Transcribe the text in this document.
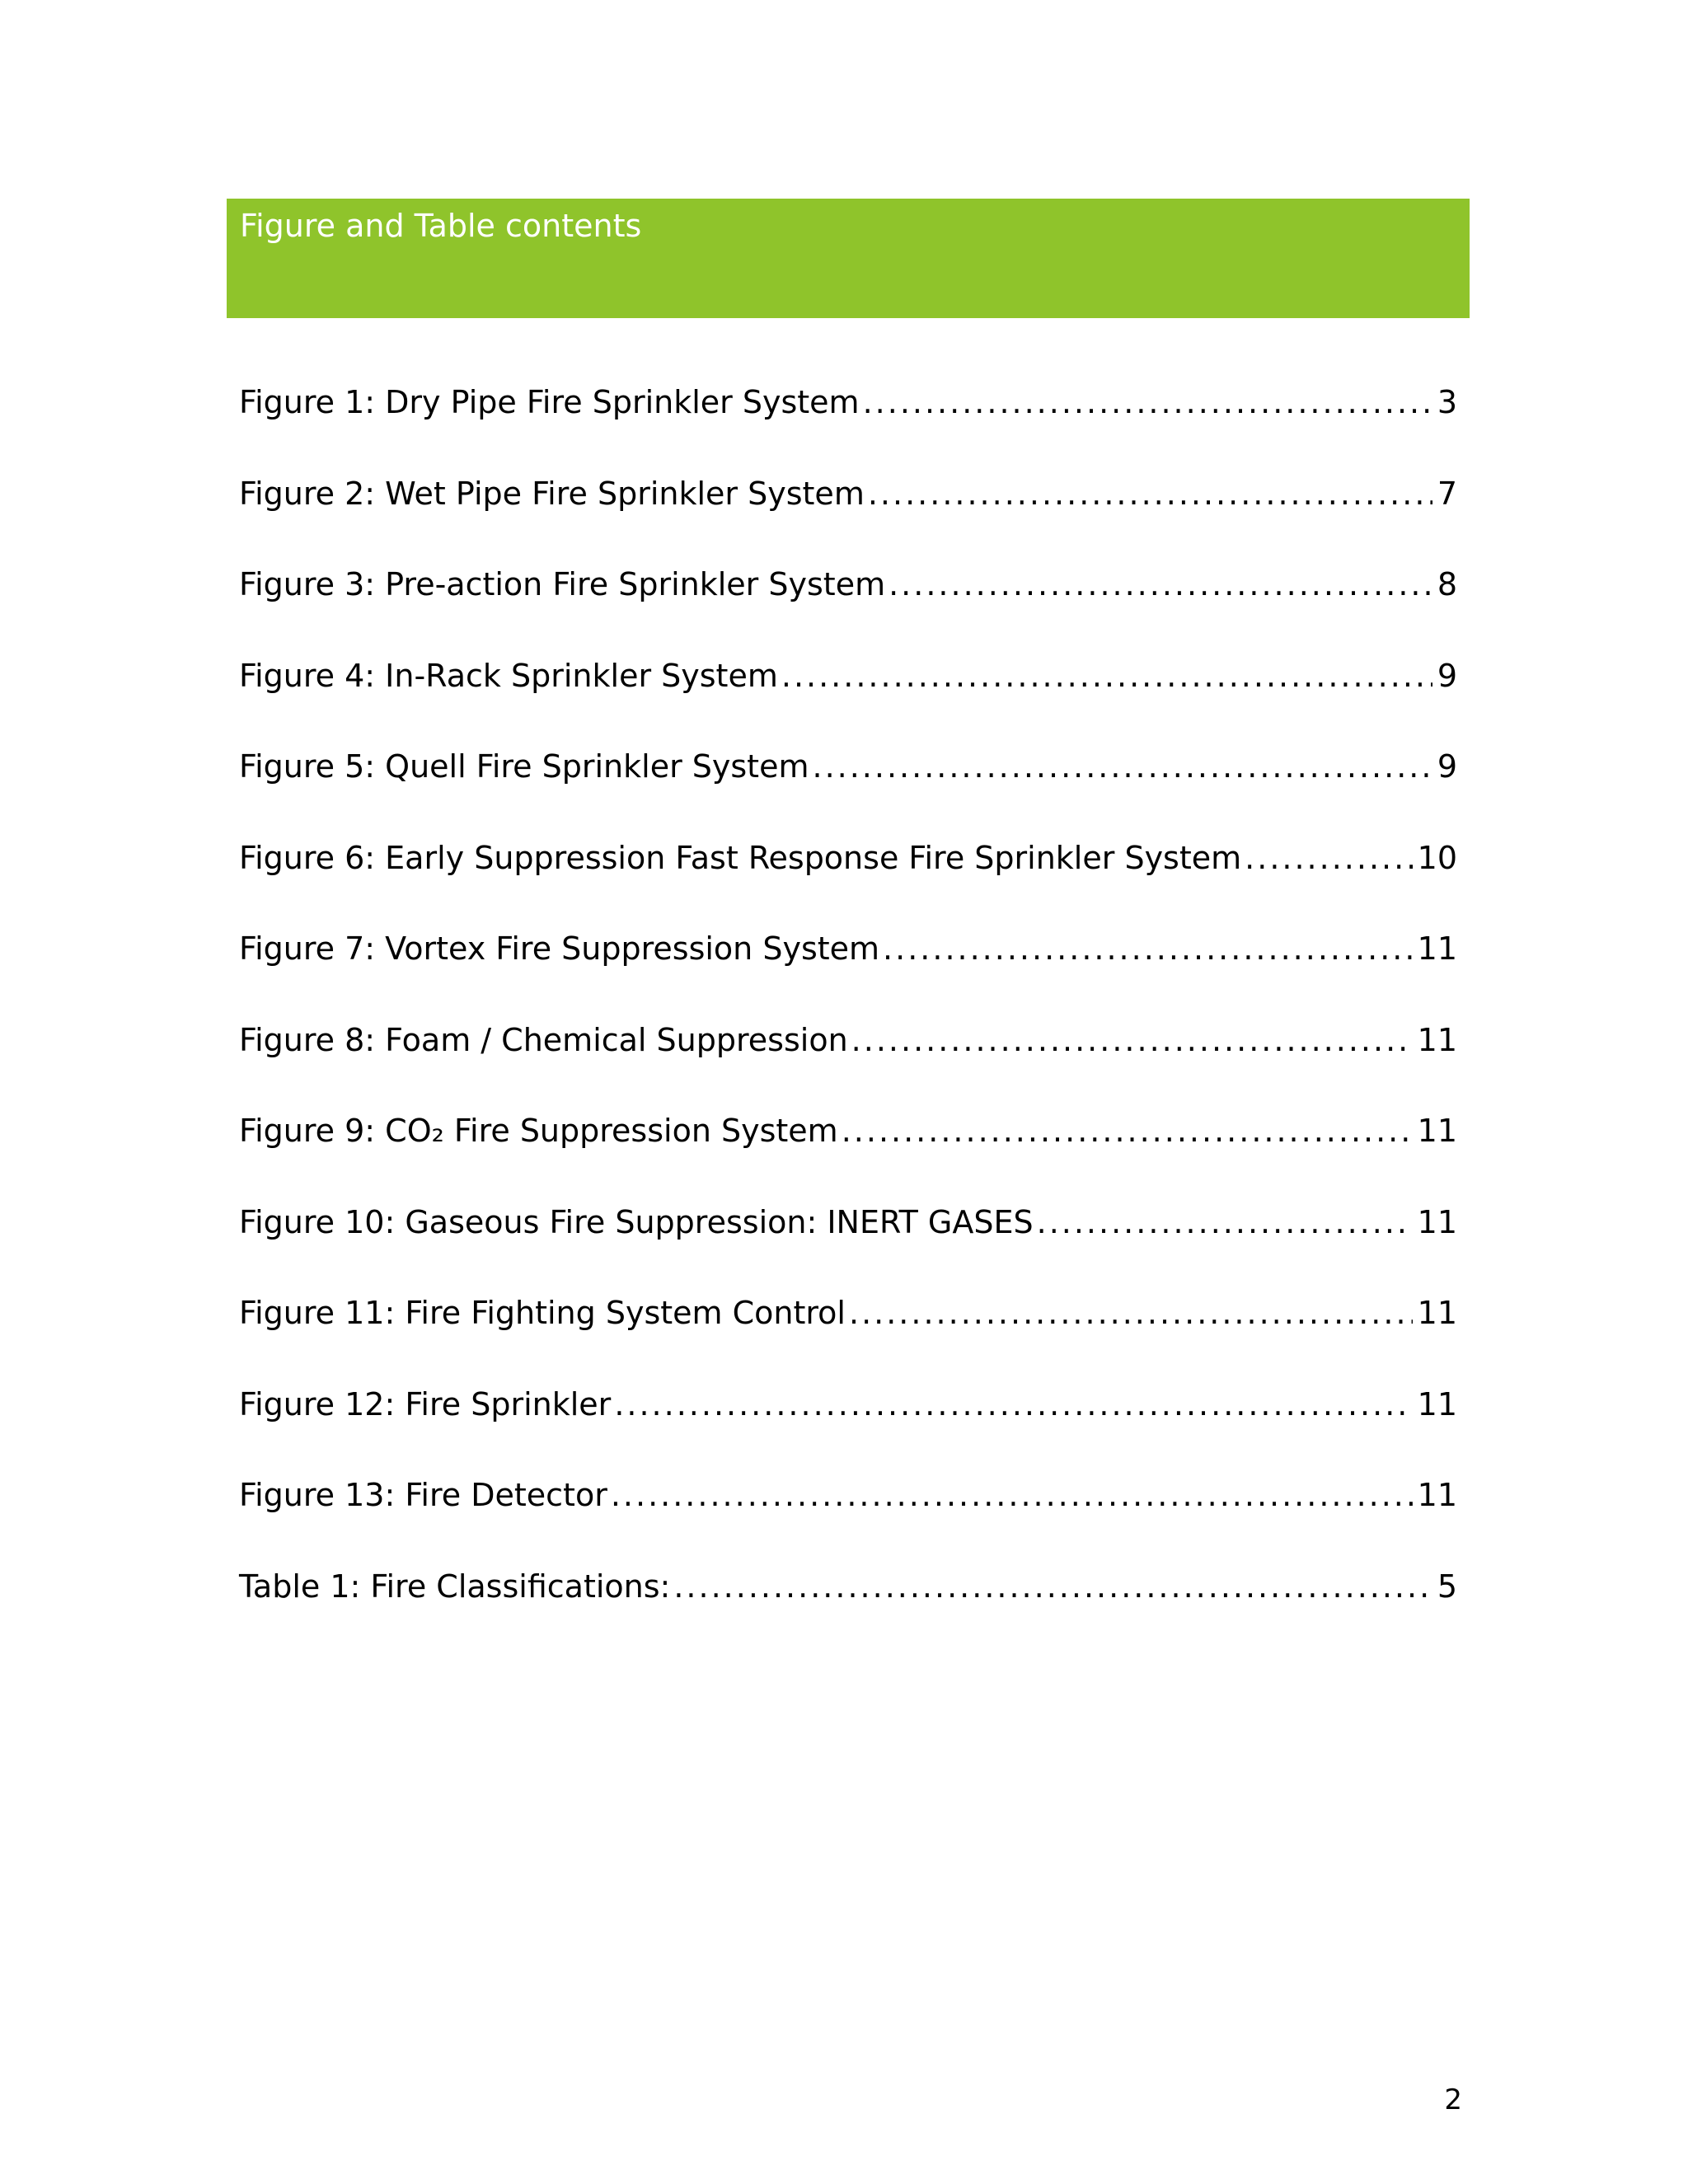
Figure and Table contents
Figure 1: Dry Pipe Fire Sprinkler System .....	3
Figure 2: Wet Pipe Fire Sprinkler System .....	7
Figure 3: Pre-action Fire Sprinkler System .....	8
Figure 4: In-Rack Sprinkler System .....	9
Figure 5: Quell Fire Sprinkler System .....	9
Figure 6: Early Suppression Fast Response Fire Sprinkler System .....	10
Figure 7: Vortex Fire Suppression System .....	11
Figure 8: Foam / Chemical Suppression .....	11
Figure 9: CO₂ Fire Suppression System .....	11
Figure 10: Gaseous Fire Suppression: INERT GASES .....	11
Figure 11: Fire Fighting System Control .....	11
Figure 12: Fire Sprinkler .....	11
Figure 13: Fire Detector .....	11
Table 1: Fire Classifications: .....	5
2
